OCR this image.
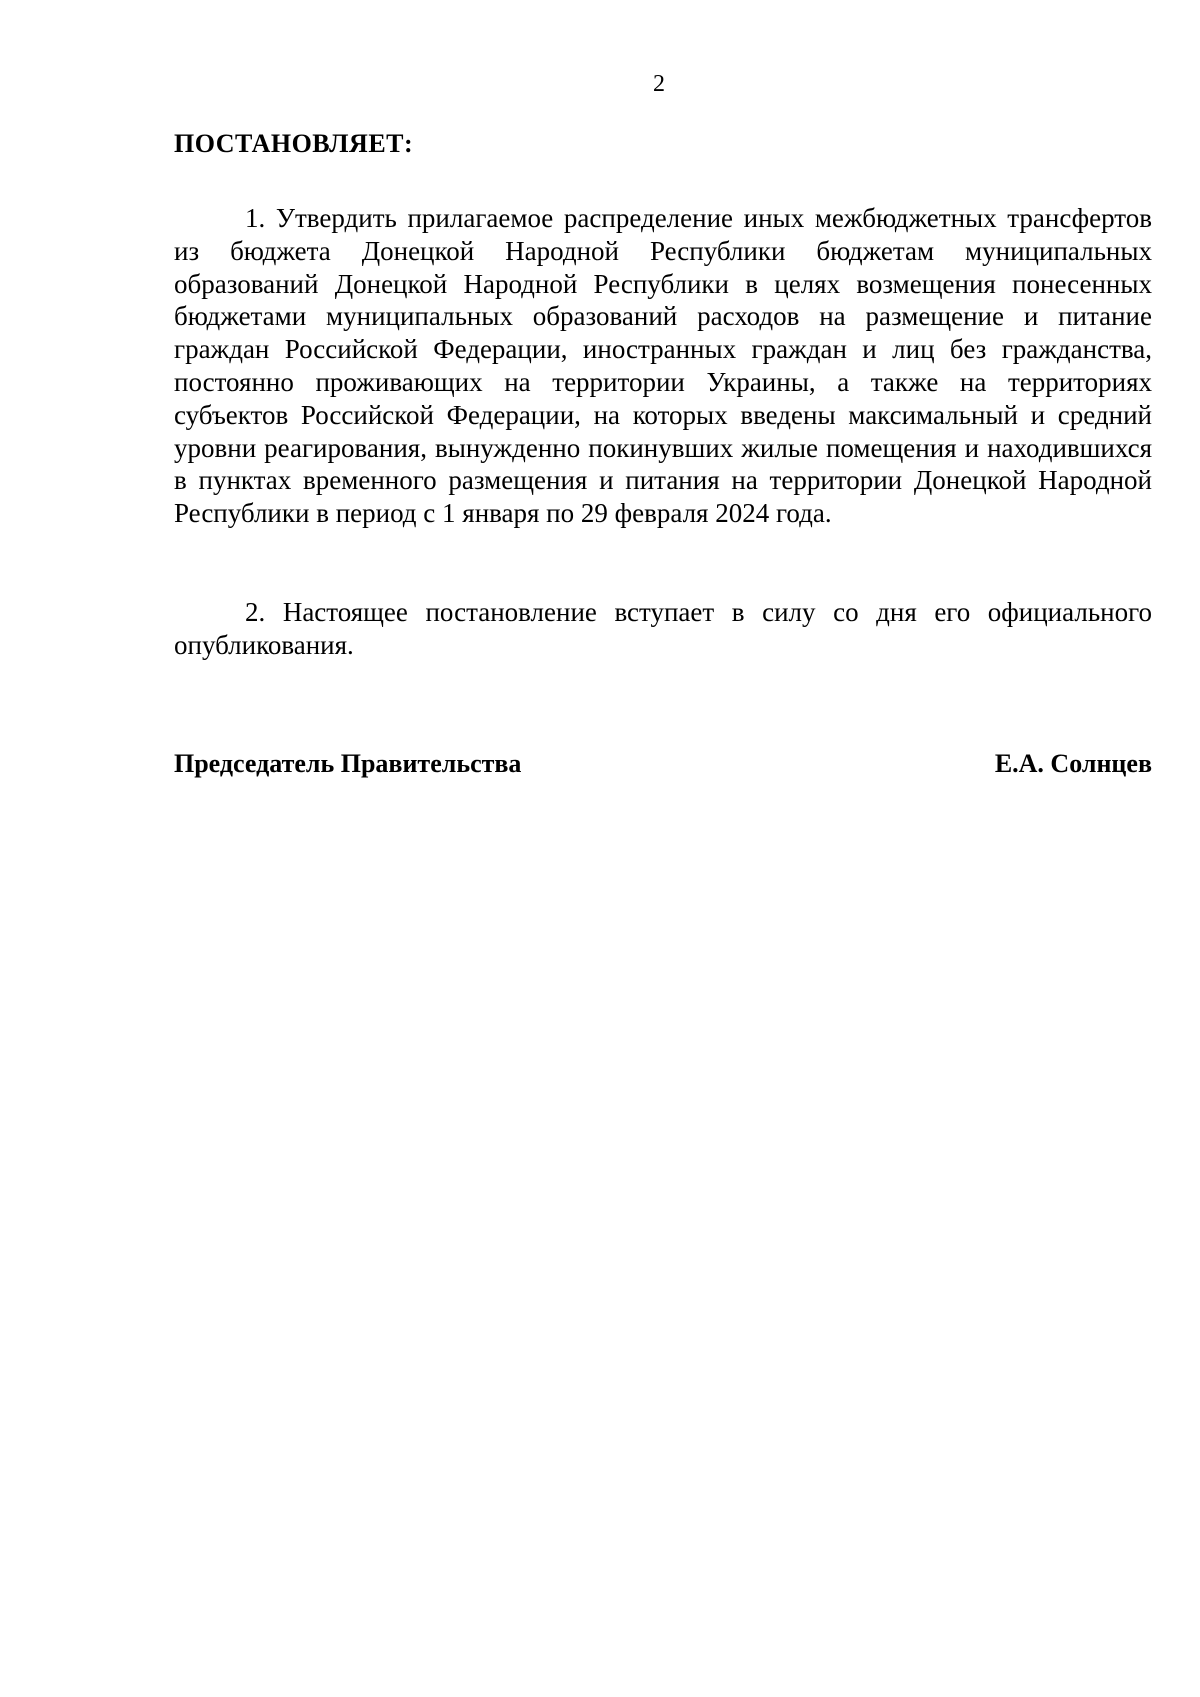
2
ПОСТАНОВЛЯЕТ:

1. Утвердить прилагаемое распределение иных межбюджетных трансфертов из бюджета Донецкой Народной Республики бюджетам муниципальных образований Донецкой Народной Республики в целях возмещения понесенных бюджетами муниципальных образований расходов на размещение и питание граждан Российской Федерации, иностранных граждан и лиц без гражданства, постоянно проживающих на территории Украины, а также на территориях субъектов Российской Федерации, на которых введены максимальный и средний уровни реагирования, вынужденно покинувших жилые помещения и находившихся в пунктах временного размещения и питания на территории Донецкой Народной Республики в период с 1 января по 29 февраля 2024 года.

2. Настоящее постановление вступает в силу со дня его официального опубликования.

Председатель Правительства	Е.А. Солнцев
